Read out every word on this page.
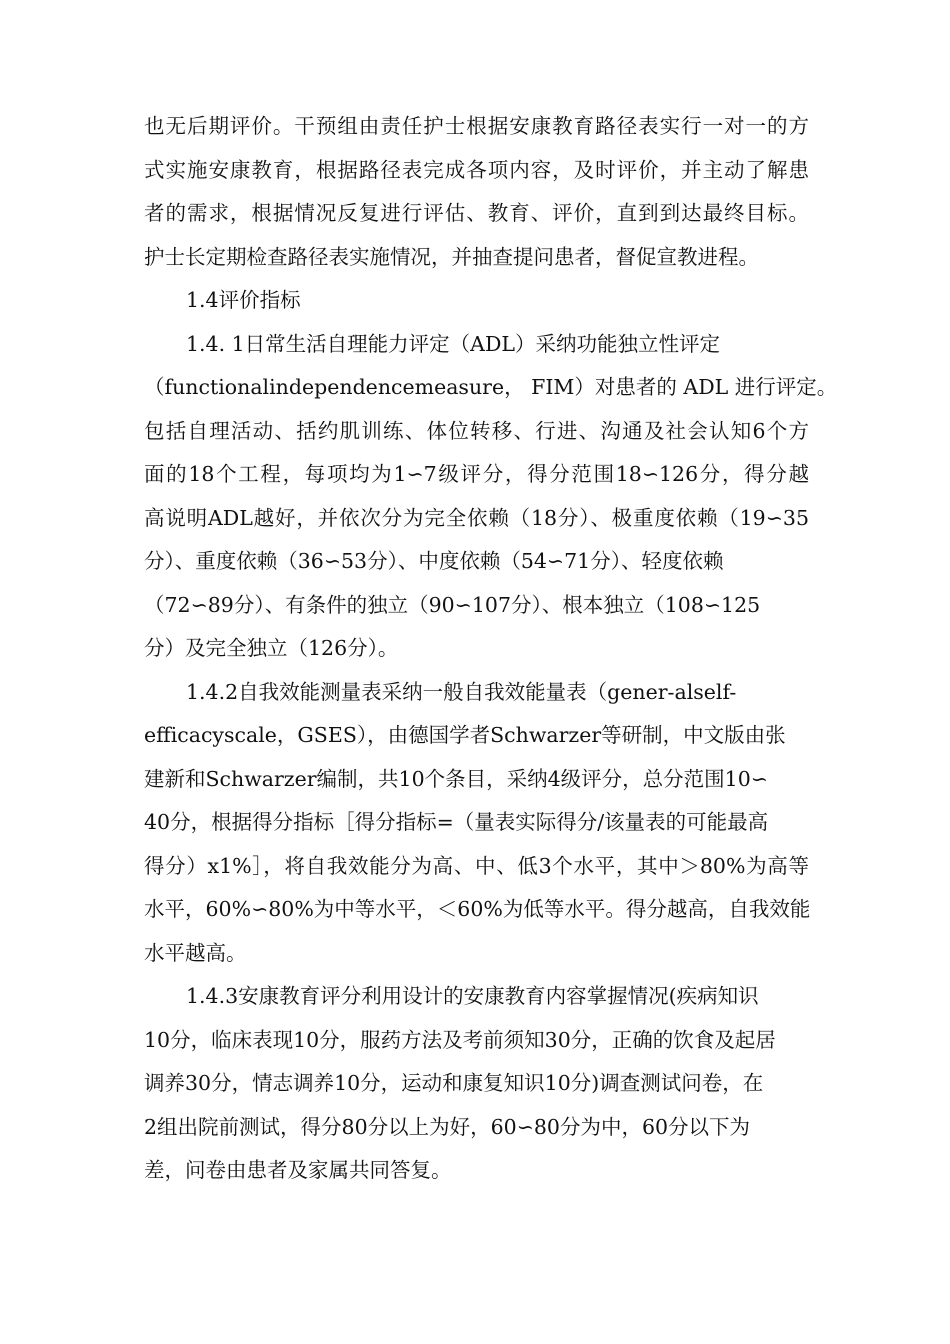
也无后期评价。干预组由责任护士根据安康教育路径表实行一对一的方
式实施安康教育，根据路径表完成各项内容，及时评价，并主动了解患
者的需求，根据情况反复进行评估、教育、评价，直到到达最终目标。
护士长定期检查路径表实施情况，并抽查提问患者，督促宣教进程。
1.4评价指标
1.4. 1日常生活自理能力评定（ADL）采纳功能独立性评定
（functionalindependencemeasure， FIM）对患者的 ADL 进行评定。
包括自理活动、括约肌训练、体位转移、行进、沟通及社会认知6个方
面的18个工程，每项均为1∽7级评分，得分范围18∽126分，得分越
高说明ADL越好，并依次分为完全依赖（18分）、极重度依赖（19∽35
分）、重度依赖（36∽53分）、中度依赖（54∽71分）、轻度依赖
（72∽89分）、有条件的独立（90∽107分）、根本独立（108∽125
分）及完全独立（126分）。
1.4.2自我效能测量表采纳一般自我效能量表（gener-alself-
efficacyscale，GSES），由德国学者Schwarzer等研制，中文版由张
建新和Schwarzer编制，共10个条目，采纳4级评分，总分范围10∽
40分，根据得分指标［得分指标=（量表实际得分/该量表的可能最高
得分）x1%］，将自我效能分为高、中、低3个水平，其中＞80%为高等
水平，60%∽80%为中等水平，＜60%为低等水平。得分越高，自我效能
水平越高。
1.4.3安康教育评分利用设计的安康教育内容掌握情况(疾病知识
10分，临床表现10分，服药方法及考前须知30分，正确的饮食及起居
调养30分，情志调养10分，运动和康复知识10分)调查测试问卷，在
2组出院前测试，得分80分以上为好，60∽80分为中，60分以下为
差，问卷由患者及家属共同答复。
